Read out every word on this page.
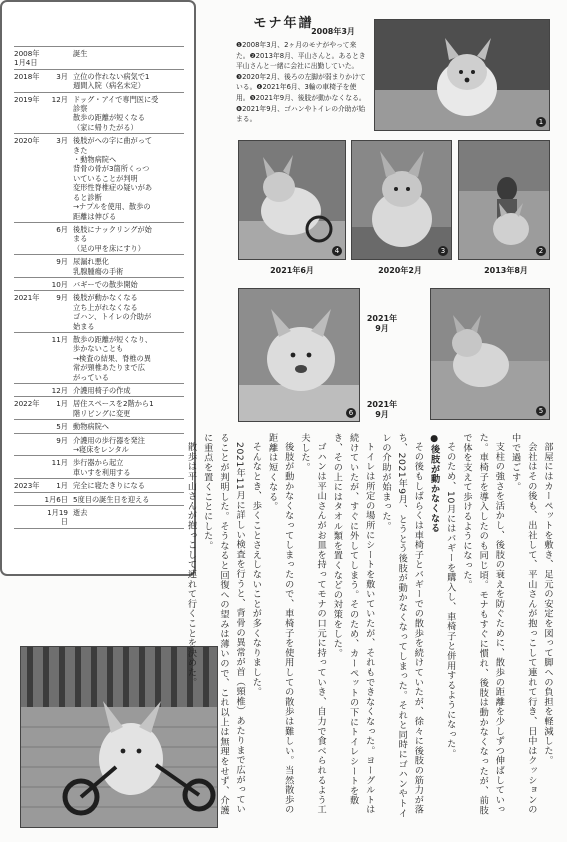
モナ年譜
2008年1月4日
誕生
2018年	3月 立位の作れない病気で1
週間入院（病名未定）
2019年	12月 ドッグ・アイで専門医に受
診察
散歩の距離が短くなる
（家に帰りたがる）
2020年	3月 後肢がへの字に曲がって
きた
・動物病院へ
背骨の骨が3箇所くっつ
いていることが判明
変形性脊椎症の疑いがあ
ると診断
→ナプルを使用、散歩の
距離は伸びる
6月 後肢にナックリングが始
まる
（足の甲を床にすり）
9月 尿漏れ悪化
乳腺腫瘍の手術
10月 バギーでの散歩開始
2021年	9月 後肢が動かなくなる
立ち上がれなくなる
ゴハン、トイレの介助が
始まる
11月 散歩の距離が短くなり、
歩かないことも
→検査の結果、脊椎の異
常が頸椎あたりまで広
がっている
12月 介護用椅子の作成
2022年	1月 居住スペースを2階から1
階リビングに変更
5月 動物病院へ
9月 介護用の歩行器を発注
→寝床をレンタル
11月 歩行器から起立
車いすを利用する
2023年	1月 完全に寝たきりになる
1月6日 5度目の誕生日を迎える
1月19日
逝去
2008年3月
❶2008年3月、2ヶ月のモナがやって来た。❷2013年8月、平山さんと。あるとき平山さんと一緒に会社に出勤していた。❸2020年2月、後ろの左脚が弱まりかけている。❹2021年6月、3輪の車椅子を使用。❺2021年9月、後肢が動かなくなる。❻2021年9月、ゴハンやトイレの介助が始まる。	1
4
2021年6月
3
2020年2月
2
2013年8月
6
2021年
9月
5
2021年
9月

部屋にはカーペットを敷き、足元の安定を図って脚への負担を軽減した。

会社はその後も、出社して、平山さんが抱っこして連れて行き、日中はクッションの中で過ごす。

支柱の強さを活かし、後肢の衰えを防ぐために、散歩の距離を少しずつ伸ばしていった。車椅子を導入したのも同じ頃。モナもすぐに慣れ、後肢は動かなくなったが、前肢で体を支えて歩けるようになった。

そのため、10月にはバギーを購入し、車椅子と併用するようになった。

●後肢が動かなくなる

その後もしばらくは車椅子とバギーでの散歩を続けていたが、徐々に後肢の筋力が落ち、2021年9月、とうとう後肢が動かなくなってしまった。それと同時にゴハンやトイレの介助が始まった。

トイレは所定の場所にシートを敷いていたが、それもできなくなった。ヨーグルトは続けていたが、すぐに外してしまう。そのため、カーペットの下にトイレシートを敷き、その上にはタオル類を置くなどの対策をした。

ゴハンは平山さんがお皿を持ってモナの口元に持っていき、自力で食べられるよう工夫した。

後肢が動かなくなってしまったので、車椅子を使用しての散歩は難しい。当然散歩の距離は短くなる。

そんなとき、歩くことさえしないことが多くなりました。

2021年11月に詳しい検査を行うと、背骨の異常が首（頸椎）あたりまで広がっていることが判明した。そうなると回復への望みは薄いので、これ以上は無理をせず、介護に重点を置くことにした。

散歩は平山さんが抱っこして連れて行くことを決めた。
